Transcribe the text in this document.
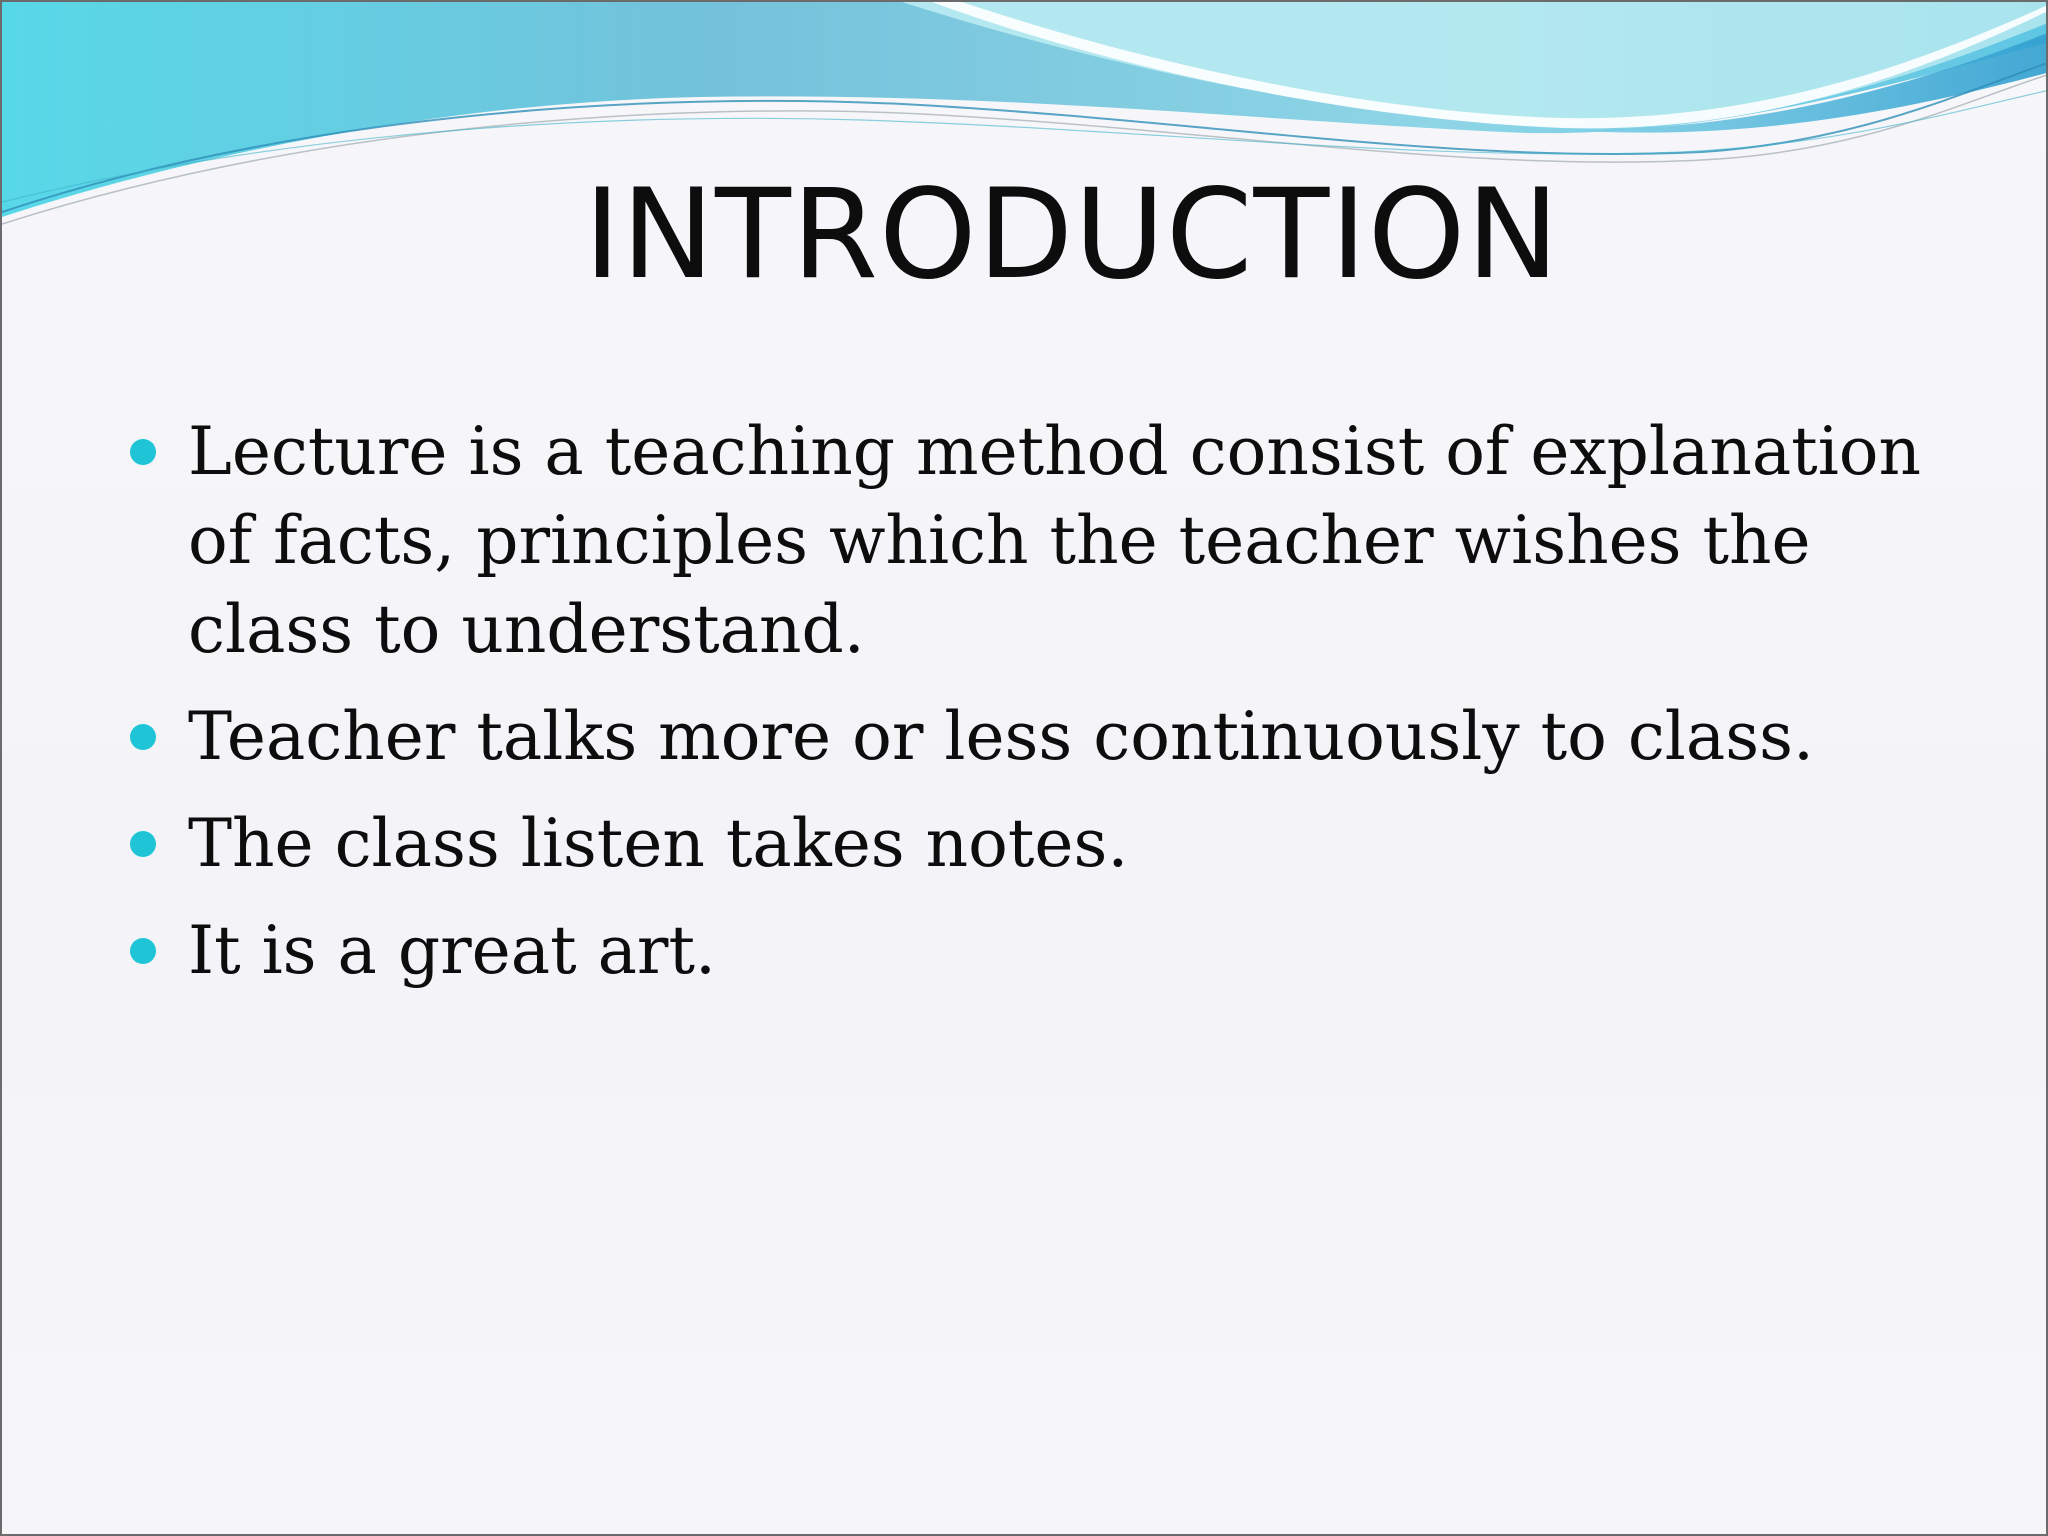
INTRODUCTION
Lecture is a teaching method consist of explanation of facts, principles which the teacher wishes the class to understand.
Teacher talks more or less continuously to class.
The class listen takes notes.
It is a great art.
